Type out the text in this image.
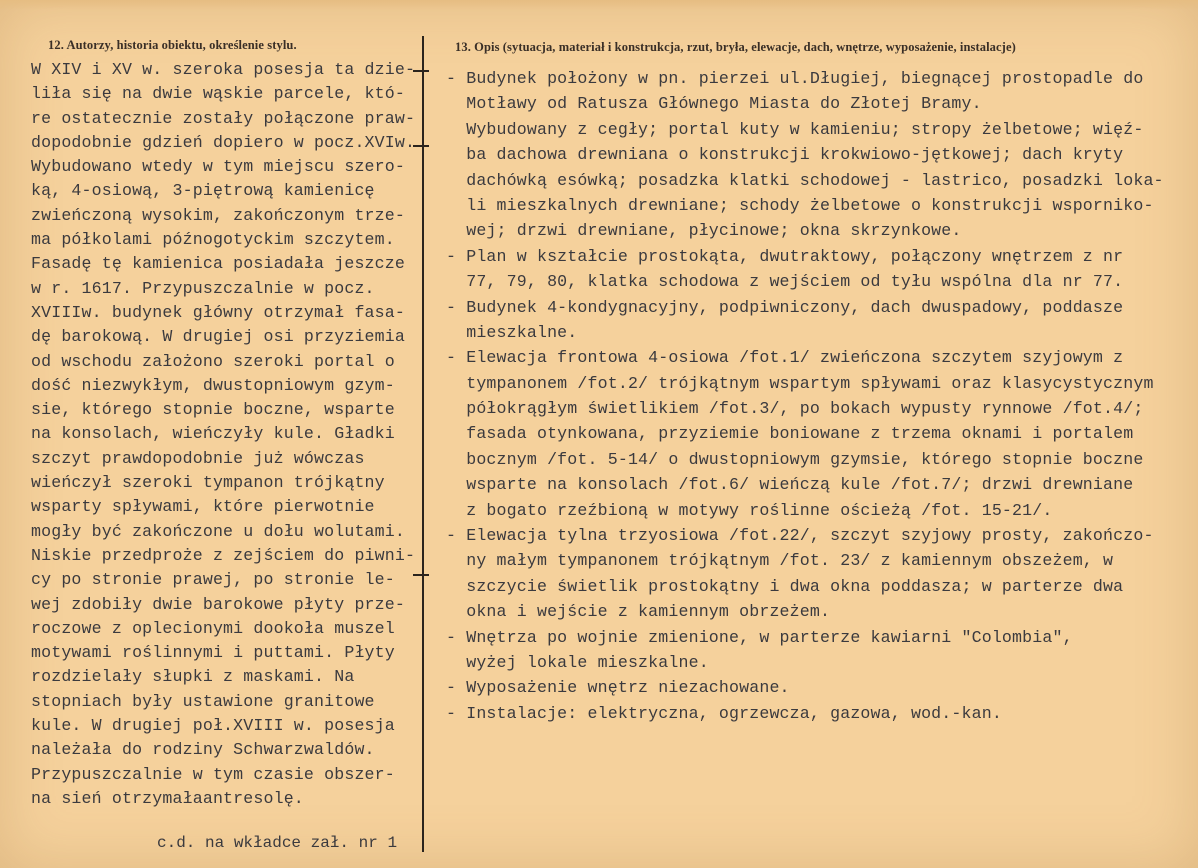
12. Autorzy, historia obiektu, określenie stylu.	13. Opis (sytuacja, materiał i konstrukcja, rzut, bryła, elewacje, dach, wnętrze, wyposażenie, instalacje)
W XIV i XV w. szeroka posesja ta dzie-
liła się na dwie wąskie parcele, któ-
re ostatecznie zostały połączone praw-
dopodobnie gdzień dopiero w pocz.XVIw.
Wybudowano wtedy w tym miejscu szero-
ką, 4-osiową, 3-piętrową kamienicę
zwieńczoną wysokim, zakończonym trze-
ma półkolami późnogotyckim szczytem.
Fasadę tę kamienica posiadała jeszcze
w r. 1617. Przypuszczalnie w pocz.
XVIIIw. budynek główny otrzymał fasa-
dę barokową. W drugiej osi przyziemia
od wschodu założono szeroki portal o
dość niezwykłym, dwustopniowym gzym-
sie, którego stopnie boczne, wsparte
na konsolach, wieńczyły kule. Gładki
szczyt prawdopodobnie już wówczas
wieńczył szeroki tympanon trójkątny
wsparty spływami, które pierwotnie
mogły być zakończone u dołu wolutami.
Niskie przedproże z zejściem do piwni-
cy po stronie prawej, po stronie le-
wej zdobiły dwie barokowe płyty prze-
roczowe z oplecionymi dookoła muszel
motywami roślinnymi i puttami. Płyty
rozdzielały słupki z maskami. Na
stopniach były ustawione granitowe
kule. W drugiej poł.XVIII w. posesja
należała do rodziny Schwarzwaldów.
Przypuszczalnie w tym czasie obszer-
na sień otrzymałaantresolę.
- Budynek położony w pn. pierzei ul.Długiej, biegnącej prostopadle do
Motławy od Ratusza Głównego Miasta do Złotej Bramy.
Wybudowany z cegły; portal kuty w kamieniu; stropy żelbetowe; więź-
ba dachowa drewniana o konstrukcji krokwiowo-jętkowej; dach kryty
dachówką esówką; posadzka klatki schodowej - lastrico, posadzki loka-
li mieszkalnych drewniane; schody żelbetowe o konstrukcji wsporniko-
wej; drzwi drewniane, płycinowe; okna skrzynkowe.
- Plan w kształcie prostokąta, dwutraktowy, połączony wnętrzem z nr
77, 79, 80, klatka schodowa z wejściem od tyłu wspólna dla nr 77.
- Budynek 4-kondygnacyjny, podpiwniczony, dach dwuspadowy, poddasze
mieszkalne.
- Elewacja frontowa 4-osiowa /fot.1/ zwieńczona szczytem szyjowym z
tympanonem /fot.2/ trójkątnym wspartym spływami oraz klasycystycznym
półokrągłym świetlikiem /fot.3/, po bokach wypusty rynnowe /fot.4/;
fasada otynkowana, przyziemie boniowane z trzema oknami i portalem
bocznym /fot. 5-14/ o dwustopniowym gzymsie, którego stopnie boczne
wsparte na konsolach /fot.6/ wieńczą kule /fot.7/; drzwi drewniane
z bogato rzeźbioną w motywy roślinne ościeżą /fot. 15-21/.
- Elewacja tylna trzyosiowa /fot.22/, szczyt szyjowy prosty, zakończo-
ny małym tympanonem trójkątnym /fot. 23/ z kamiennym obszeżem, w
szczycie świetlik prostokątny i dwa okna poddasza; w parterze dwa
okna i wejście z kamiennym obrzeżem.
- Wnętrza po wojnie zmienione, w parterze kawiarni "Colombia",
wyżej lokale mieszkalne.
- Wyposażenie wnętrz niezachowane.
- Instalacje: elektryczna, ogrzewcza, gazowa, wod.-kan.
c.d. na wkładce zał. nr 1
